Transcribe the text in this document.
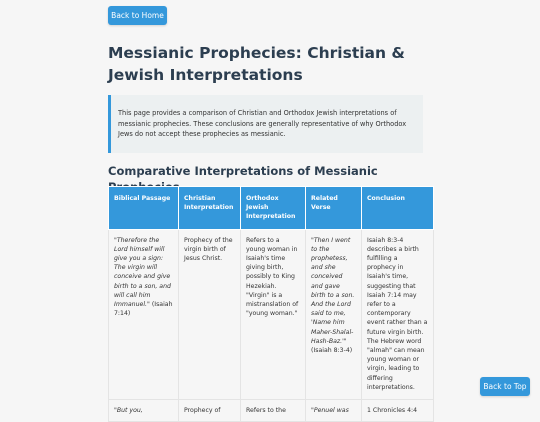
Back to Home
Messianic Prophecies: Christian & Jewish Interpretations
This page provides a comparison of Christian and Orthodox Jewish interpretations of messianic prophecies. These conclusions are generally representative of why Orthodox Jews do not accept these prophecies as messianic.
Comparative Interpretations of Messianic
Biblical Passage	Christian Interpretation	Orthodox Jewish Interpretation	Related Verse	Conclusion
"Therefore the Lord himself will give you a sign: The virgin will conceive and give birth to a son, and will call him Immanuel." (Isaiah 7:14)	Prophecy of the virgin birth of Jesus Christ.	Refers to a young woman in Isaiah's time giving birth, possibly to King Hezekiah. "Virgin" is a mistranslation of "young woman."	"Then I went to the prophetess, and she conceived and gave birth to a son. And the Lord said to me, 'Name him Maher-Shalal-Hash-Baz.'" (Isaiah 8:3-4)	Isaiah 8:3-4 describes a birth fulfilling a prophecy in Isaiah's time, suggesting that Isaiah 7:14 may refer to a contemporary event rather than a future virgin birth. The Hebrew word "almah" can mean young woman or virgin, leading to differing interpretations.
"But you,	Prophecy of	Refers to the	"Penuel was	1 Chronicles 4:4
Back to Top
